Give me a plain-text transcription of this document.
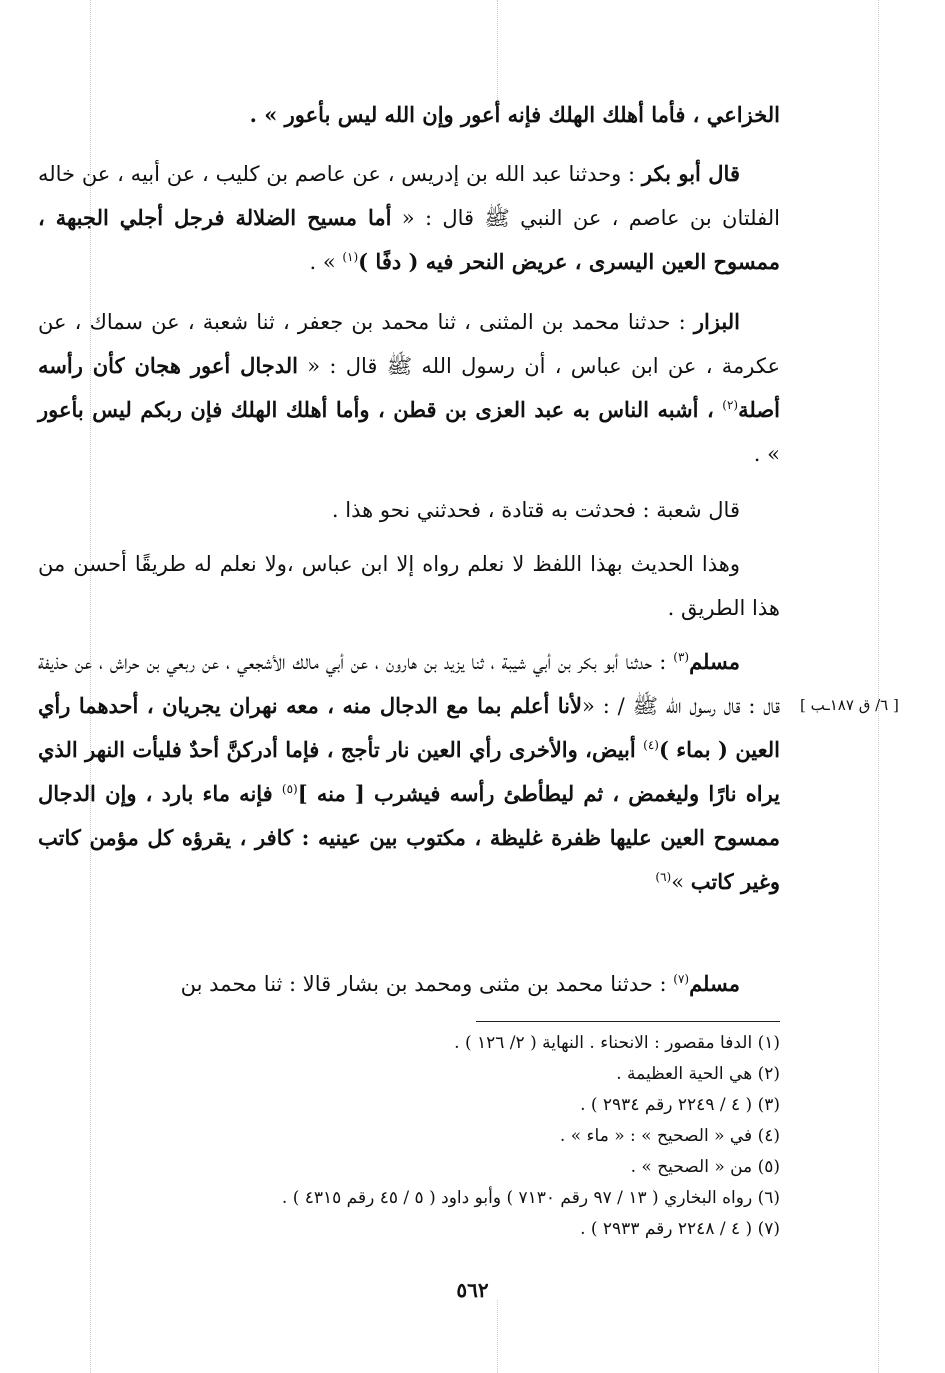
الخزاعي ، فأما أهلك الهلك فإنه أعور وإن الله ليس بأعور » .

قال أبو بكر : وحدثنا عبد الله بن إدريس ، عن عاصم بن كليب ، عن أبيه ، عن خاله الفلتان بن عاصم ، عن النبي ﷺ قال : « أما مسيح الضلالة فرجل أجلي الجبهة ، ممسوح العين اليسرى ، عريض النحر فيه ( دفًا )$^{(١)}$ » .

البزار : حدثنا محمد بن المثنى ، ثنا محمد بن جعفر ، ثنا شعبة ، عن سماك ، عن عكرمة ، عن ابن عباس ، أن رسول الله ﷺ قال : « الدجال أعور هجان كأن رأسه أصلة$^{(٢)}$ ، أشبه الناس به عبد العزى بن قطن ، وأما أهلك الهلك فإن ربكم ليس بأعور » .

قال شعبة : فحدثت به قتادة ، فحدثني نحو هذا .

وهذا الحديث بهذا اللفظ لا نعلم رواه إلا ابن عباس ،ولا نعلم له طريقًا أحسن من هذا الطريق .

مسلم$^{(٣)}$ : حدثنا أبو بكر بن أبي شيبة ، ثنا يزيد بن هارون ، عن أبي مالك الأشجعي ، عن ربعي بن حراش ، عن حذيفة قال : قال رسول الله ﷺ / : «لأنا أعلم بما مع الدجال منه ، معه نهران يجريان ، أحدهما رأي العين ( بماء )$^{(٤)}$ أبيض، والأخرى رأي العين نار تأجج ، فإما أدركنَّ أحدٌ فليأت النهر الذي يراه نارًا وليغمض ، ثم ليطأطئ رأسه فيشرب [ منه ]$^{(٥)}$ فإنه ماء بارد ، وإن الدجال ممسوح العين عليها ظفرة غليظة ، مكتوب بين عينيه : كافر ، يقرؤه كل مؤمن كاتب وغير كاتب »$^{(٦)}$

مسلم$^{(٧)}$ : حدثنا محمد بن مثنى ومحمد بن بشار قالا : ثنا محمد بن

[ ٦/ ق ١٨٧ـب ]
(١) الدفا مقصور : الانحناء . النهاية ( ٢/ ١٢٦ ) .
(٢) هي الحية العظيمة .
(٣) ( ٤ / ٢٢٤٩ رقم ٢٩٣٤ ) .
(٤) في « الصحيح » : « ماء » .
(٥) من « الصحيح » .
(٦) رواه البخاري ( ١٣ / ٩٧ رقم ٧١٣٠ ) وأبو داود ( ٥ / ٤٥ رقم ٤٣١٥ ) .
(٧) ( ٤ / ٢٢٤٨ رقم ٢٩٣٣ ) .
٥٦٢
